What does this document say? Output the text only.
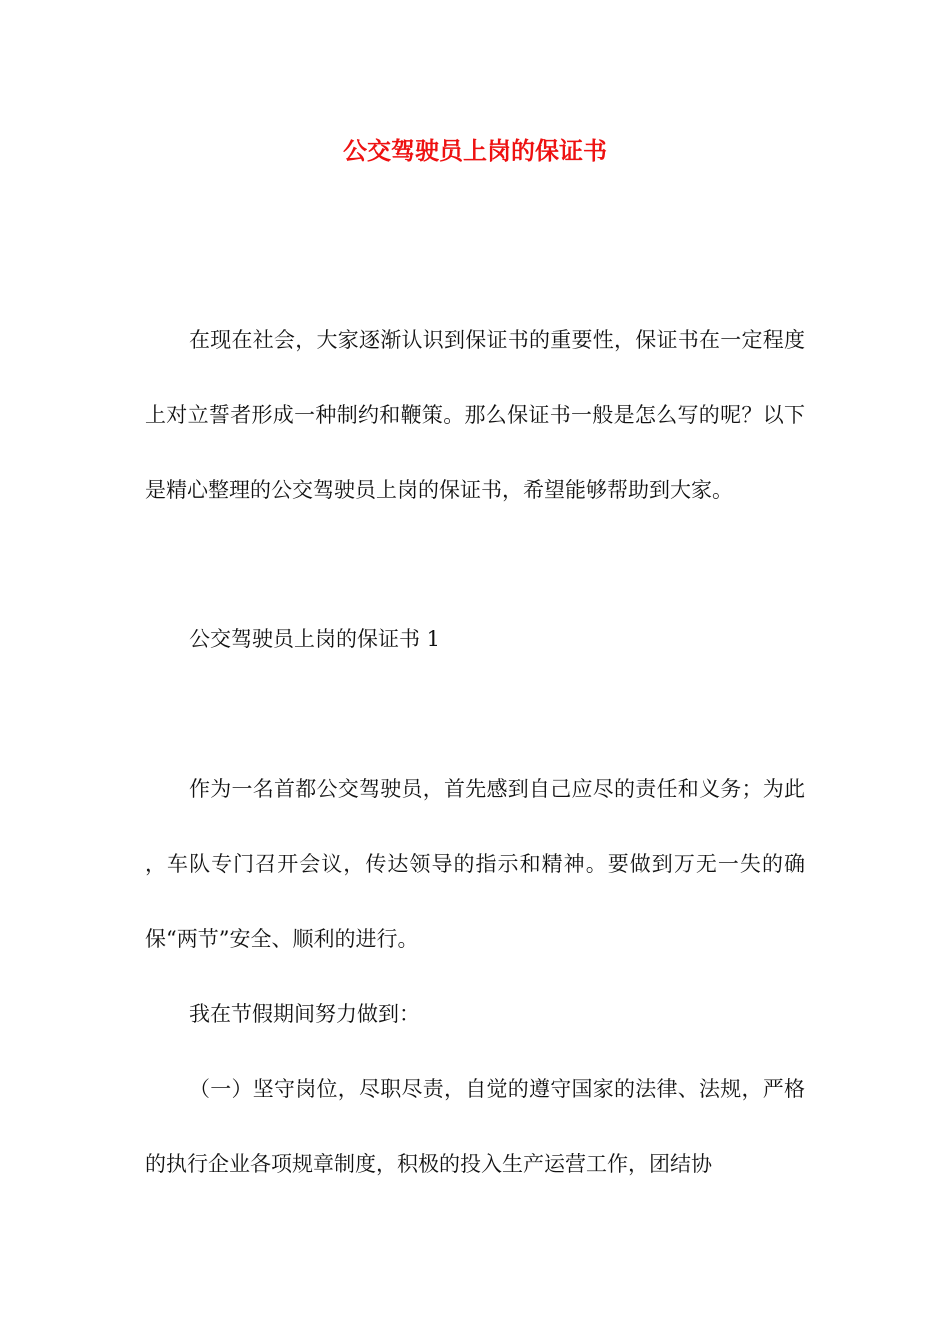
公交驾驶员上岗的保证书

在现在社会，大家逐渐认识到保证书的重要性，保证书在一定程度上对立誓者形成一种制约和鞭策。那么保证书一般是怎么写的呢？以下是精心整理的公交驾驶员上岗的保证书，希望能够帮助到大家。

公交驾驶员上岗的保证书 1

作为一名首都公交驾驶员，首先感到自己应尽的责任和义务；为此 ，车队专门召开会议，传达领导的指示和精神。要做到万无一失的确保“两节”安全、顺利的进行。

我在节假期间努力做到：

（一）坚守岗位，尽职尽责，自觉的遵守国家的法律、法规，严格的执行企业各项规章制度，积极的投入生产运营工作，团结协
